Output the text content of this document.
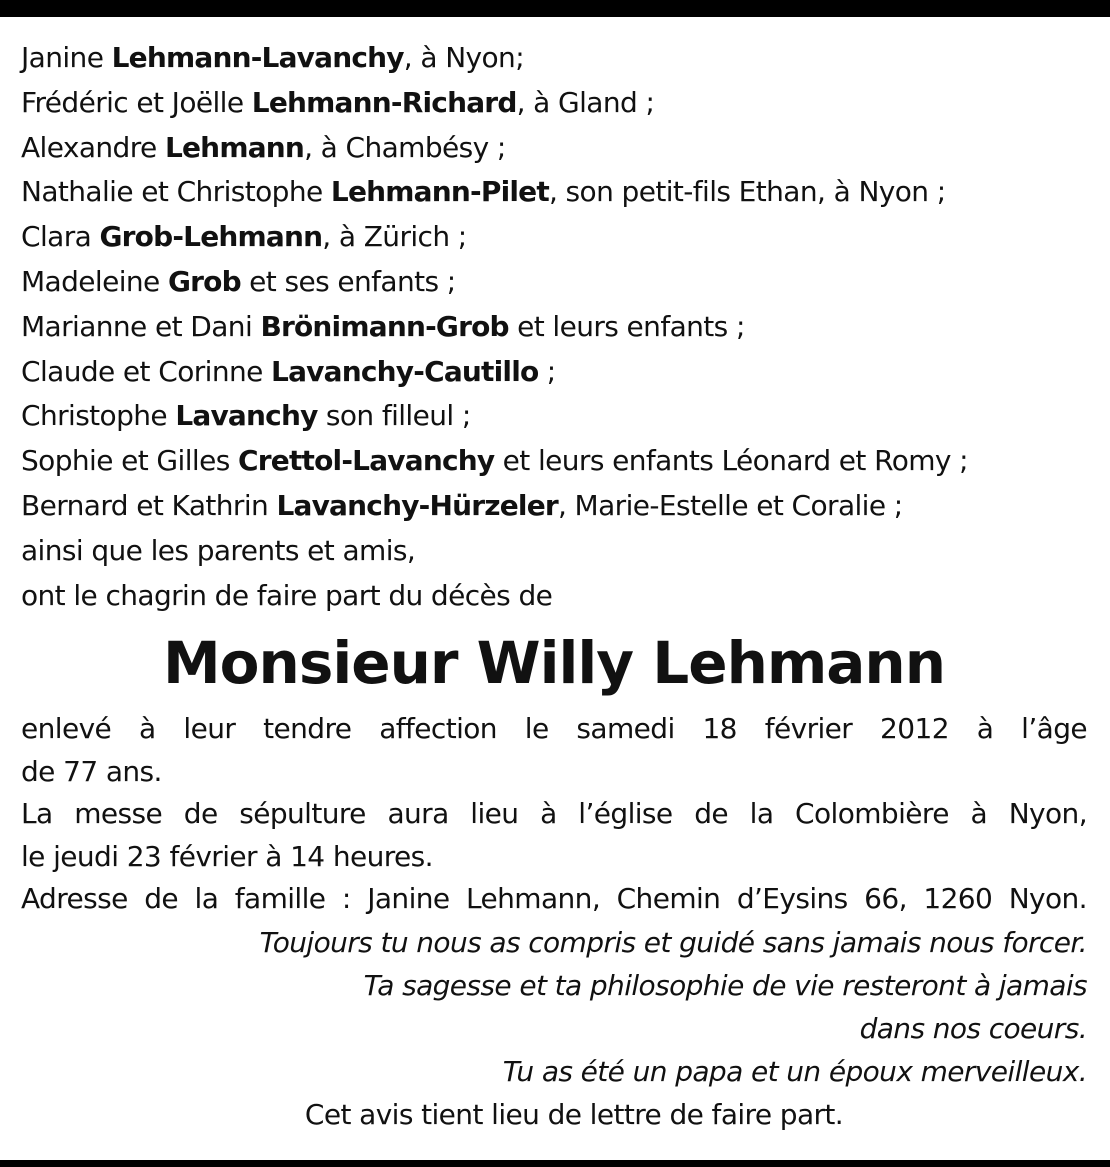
Janine Lehmann-Lavanchy, à Nyon;
Frédéric et Joëlle Lehmann-Richard, à Gland ;
Alexandre Lehmann, à Chambésy ;
Nathalie et Christophe Lehmann-Pilet, son petit-fils Ethan, à Nyon ;
Clara Grob-Lehmann, à Zürich ;
Madeleine Grob et ses enfants ;
Marianne et Dani Brönimann-Grob et leurs enfants ;
Claude et Corinne Lavanchy-Cautillo ;
Christophe Lavanchy son filleul ;
Sophie et Gilles Crettol-Lavanchy et leurs enfants Léonard et Romy ;
Bernard et Kathrin Lavanchy-Hürzeler, Marie-Estelle et Coralie ;
ainsi que les parents et amis,
ont le chagrin de faire part du décès de
Monsieur Willy Lehmann

enlevé à leur tendre affection le samedi 18 février 2012 à l’âge
de 77 ans.
La messe de sépulture aura lieu à l’église de la Colombière à Nyon,
le jeudi 23 février à 14 heures.
Adresse de la famille : Janine Lehmann, Chemin d’Eysins 66, 1260 Nyon.

Toujours tu nous as compris et guidé sans jamais nous forcer.
Ta sagesse et ta philosophie de vie resteront à jamais
dans nos coeurs.
Tu as été un papa et un époux merveilleux.

Cet avis tient lieu de lettre de faire part.
